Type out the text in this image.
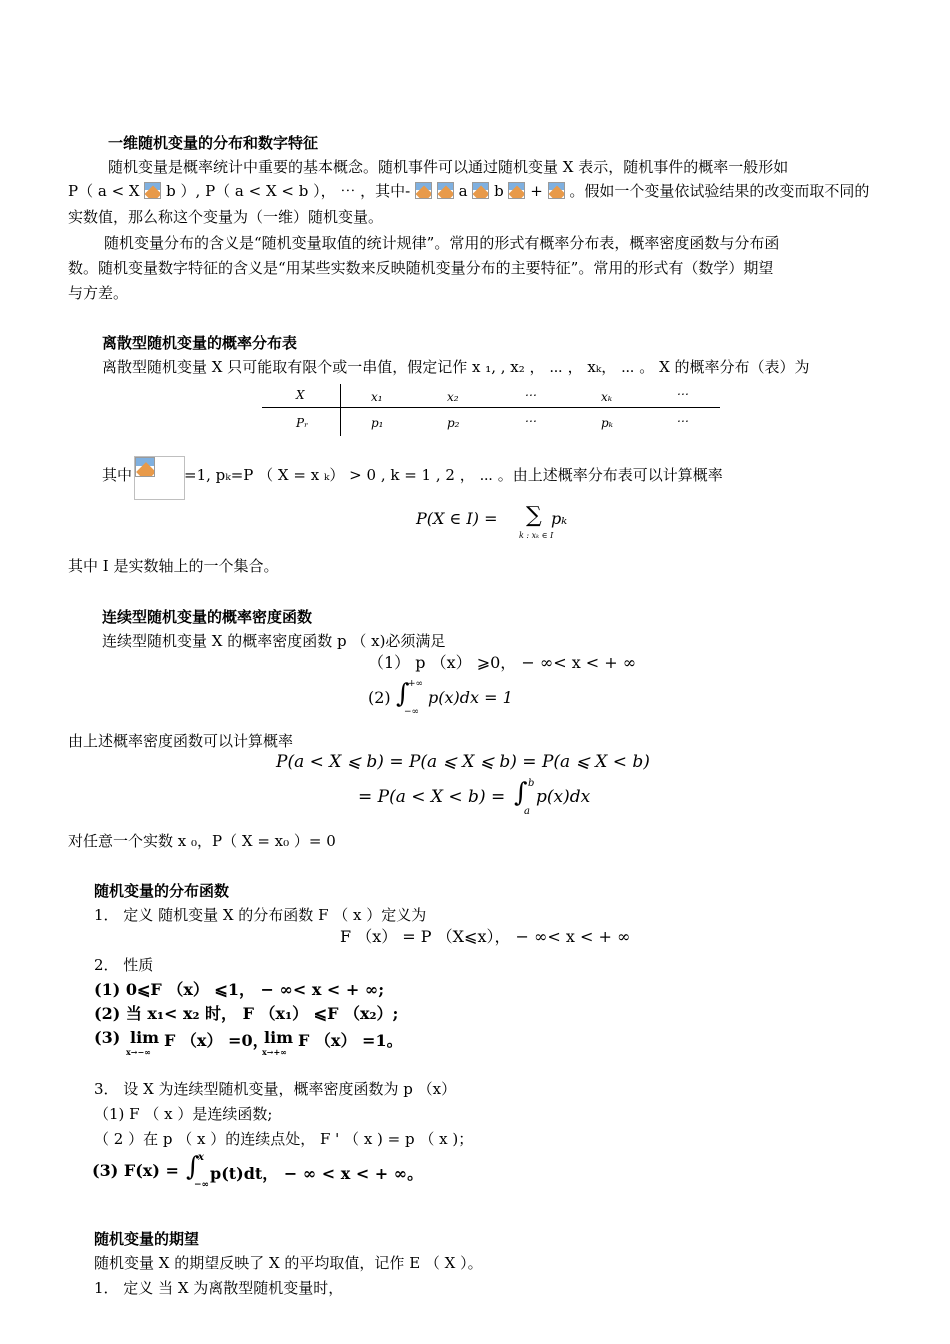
一维随机变量的分布和数字特征
随机变量是概率统计中重要的基本概念。随机事件可以通过随机变量 X 表示，随机事件的概率一般形如
P（ a < X b ）, P（ a < X < b ）， ⋯ ，其中-	a b + 。假如一个变量依试验结果的改变而取不同的
实数值，那么称这个变量为（一维）随机变量。
随机变量分布的含义是“随机变量取值的统计规律”。常用的形式有概率分布表，概率密度函数与分布函
数。随机变量数字特征的含义是“用某些实数来反映随机变量分布的主要特征”。常用的形式有（数学）期望
与方差。
离散型随机变量的概率分布表
离散型随机变量 X 只可能取有限个或一串值，假定记作 x ₁, , x₂ ， ⋯ ， xₖ， ⋯ 。 X 的概率分布（表）为
X	x₁	x₂	⋯	xₖ	⋯
Pᵣ	p₁	p₂	⋯	pₖ	⋯
其中	=1, pₖ=P （ X = x ₖ） > 0 , k = 1 , 2 ， ⋯ 。由上述概率分布表可以计算概率
P(X ∈ I) = ∑
k : xₖ ∈ I
pₖ
其中 I 是实数轴上的一个集合。
连续型随机变量的概率密度函数
连续型随机变量 X 的概率密度函数 p （ x)必须满足
（1） p （x） ⩾0， − ∞< x < + ∞
(2) ∫
+∞
−∞
p(x)dx = 1
由上述概率密度函数可以计算概率
P(a < X ⩽ b) = P(a ⩽ X ⩽ b) = P(a ⩽ X < b)
= P(a < X < b) = ∫ b
a
p(x)dx
对任意一个实数 x ₀，P（ X = x₀ ）= 0
随机变量的分布函数
1． 定义 随机变量 X 的分布函数 F （ x ）定义为
F （x） = P （X⩽x）， − ∞< x < + ∞
2． 性质
(1) 0⩽F （x） ⩽1， − ∞< x < + ∞;
(2) 当 x₁< x₂ 时， F （x₁） ⩽F （x₂）;
(3) lim
x→−∞
F （x） =0，
lim
x→+∞
F （x） =1。
3． 设 X 为连续型随机变量，概率密度函数为 p （x）
（1) F （ x ）是连续函数;
（ 2 ）在 p （ x ）的连续点处， F ' （ x ) = p （ x )；
(3) F(x) = ∫
x
−∞
p(t)dt， − ∞ < x < + ∞。
随机变量的期望
随机变量 X 的期望反映了 X 的平均取值，记作 E （ X ）。
1． 定义 当 X 为离散型随机变量时，
